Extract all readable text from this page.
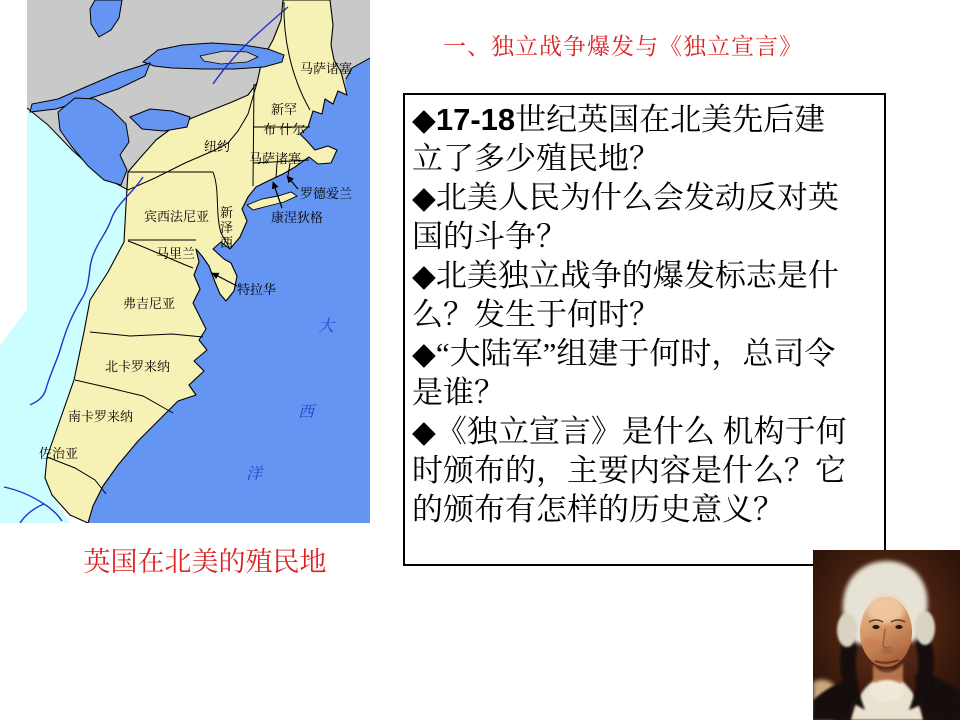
马萨诸塞
新罕
布 什尔
纽约
马萨诸塞
罗德爱兰
康涅狄格
宾西法尼亚 新泽西
马里兰
特拉华
弗吉尼亚
北卡罗来纳
南卡罗来纳
佐治亚
大
西
洋
一、独立战争爆发与《独立宣言》
◆17-18世纪英国在北美先后建
立了多少殖民地？
◆北美人民为什么会发动反对英
国的斗争？
◆北美独立战争的爆发标志是什
么？发生于何时？
◆“大陆军”组建于何时，总司令
是谁？
◆《独立宣言》是什么 机构于何
时颁布的，主要内容是什么？它
的颁布有怎样的历史意义？
英国在北美的殖民地
